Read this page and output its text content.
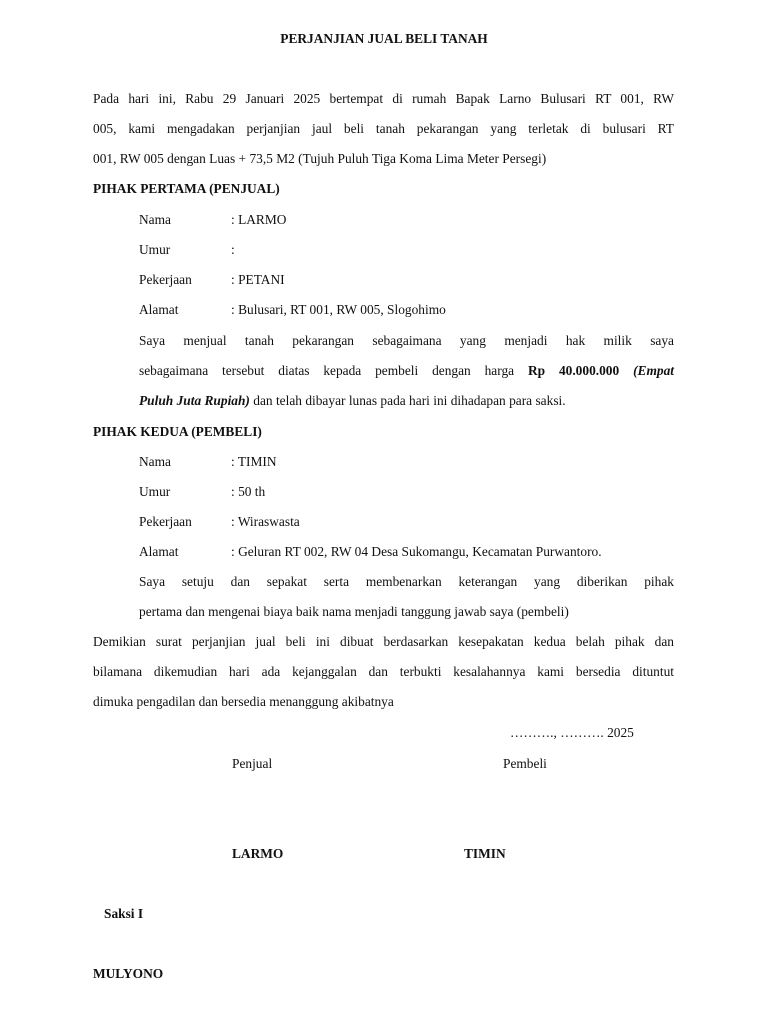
PERJANJIAN JUAL BELI TANAH
Pada hari ini, Rabu 29 Januari 2025 bertempat di rumah Bapak Larno Bulusari RT 001, RW
005, kami mengadakan perjanjian jaul beli tanah pekarangan yang terletak di bulusari RT
001, RW 005 dengan Luas + 73,5 M2 (Tujuh Puluh Tiga Koma Lima Meter Persegi)
PIHAK PERTAMA (PENJUAL)
Nama	: LARMO
Umur	:
Pekerjaan	: PETANI
Alamat	: Bulusari, RT 001, RW 005, Slogohimo
Saya menjual tanah pekarangan sebagaimana yang menjadi hak milik saya
sebagaimana tersebut diatas kepada pembeli dengan harga Rp 40.000.000 (Empat
Puluh Juta Rupiah) dan telah dibayar lunas pada hari ini dihadapan para saksi.
PIHAK KEDUA (PEMBELI)
Nama	: TIMIN
Umur	: 50 th
Pekerjaan	: Wiraswasta
Alamat	: Geluran RT 002, RW 04 Desa Sukomangu, Kecamatan Purwantoro.
Saya setuju dan sepakat serta membenarkan keterangan yang diberikan pihak
pertama dan mengenai biaya baik nama menjadi tanggung jawab saya (pembeli)
Demikian surat perjanjian jual beli ini dibuat berdasarkan kesepakatan kedua belah pihak dan
bilamana dikemudian hari ada kejanggalan dan terbukti kesalahannya kami bersedia dituntut
dimuka pengadilan dan bersedia menanggung akibatnya
………., ………. 2025
Penjual	Pembeli
LARMO	TIMIN
Saksi I
MULYONO
